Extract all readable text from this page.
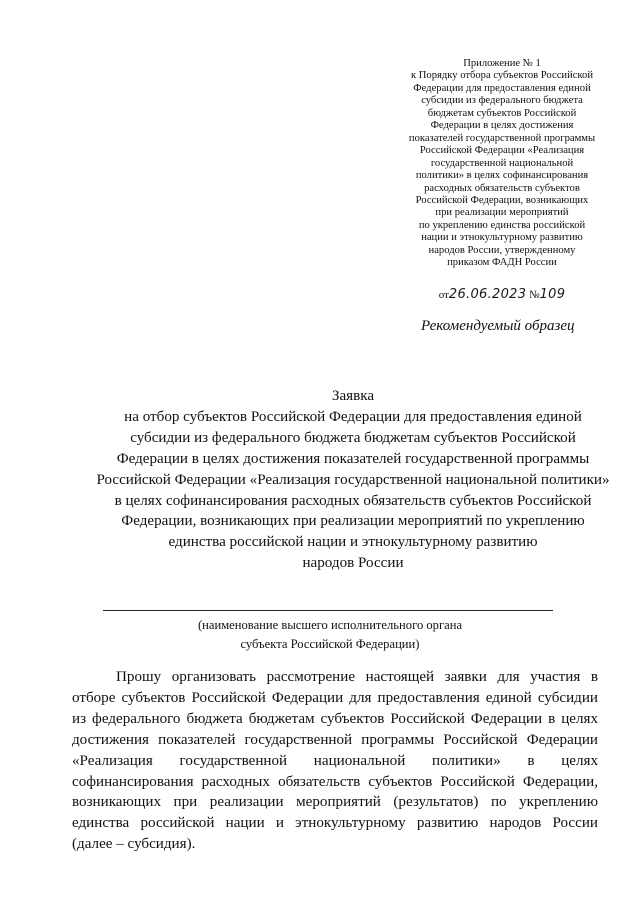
Приложение № 1
к Порядку отбора субъектов Российской
Федерации для предоставления единой
субсидии из федерального бюджета
бюджетам субъектов Российской
Федерации в целях достижения
показателей государственной программы
Российской Федерации «Реализация
государственной национальной
политики» в целях софинансирования
расходных обязательств субъектов
Российской Федерации, возникающих
при реализации мероприятий
по укреплению единства российской
нации и этнокультурному развитию
народов России, утвержденному
приказом ФАДН России
от26.06.2023 №109
Рекомендуемый образец
Заявка
на отбор субъектов Российской Федерации для предоставления единой
субсидии из федерального бюджета бюджетам субъектов Российской
Федерации в целях достижения показателей государственной программы
Российской Федерации «Реализация государственной национальной политики»
в целях софинансирования расходных обязательств субъектов Российской
Федерации, возникающих при реализации мероприятий по укреплению
единства российской нации и этнокультурному развитию
народов России
(наименование высшего исполнительного органа
субъекта Российской Федерации)
Прошу организовать рассмотрение настоящей заявки для участия в
отборе субъектов Российской Федерации для предоставления единой субсидии
из федерального бюджета бюджетам субъектов Российской Федерации в целях
достижения показателей государственной программы Российской Федерации
«Реализация государственной национальной политики» в целях
софинансирования расходных обязательств субъектов Российской Федерации,
возникающих при реализации мероприятий (результатов) по укреплению
единства российской нации и этнокультурному развитию народов России
(далее – субсидия).
